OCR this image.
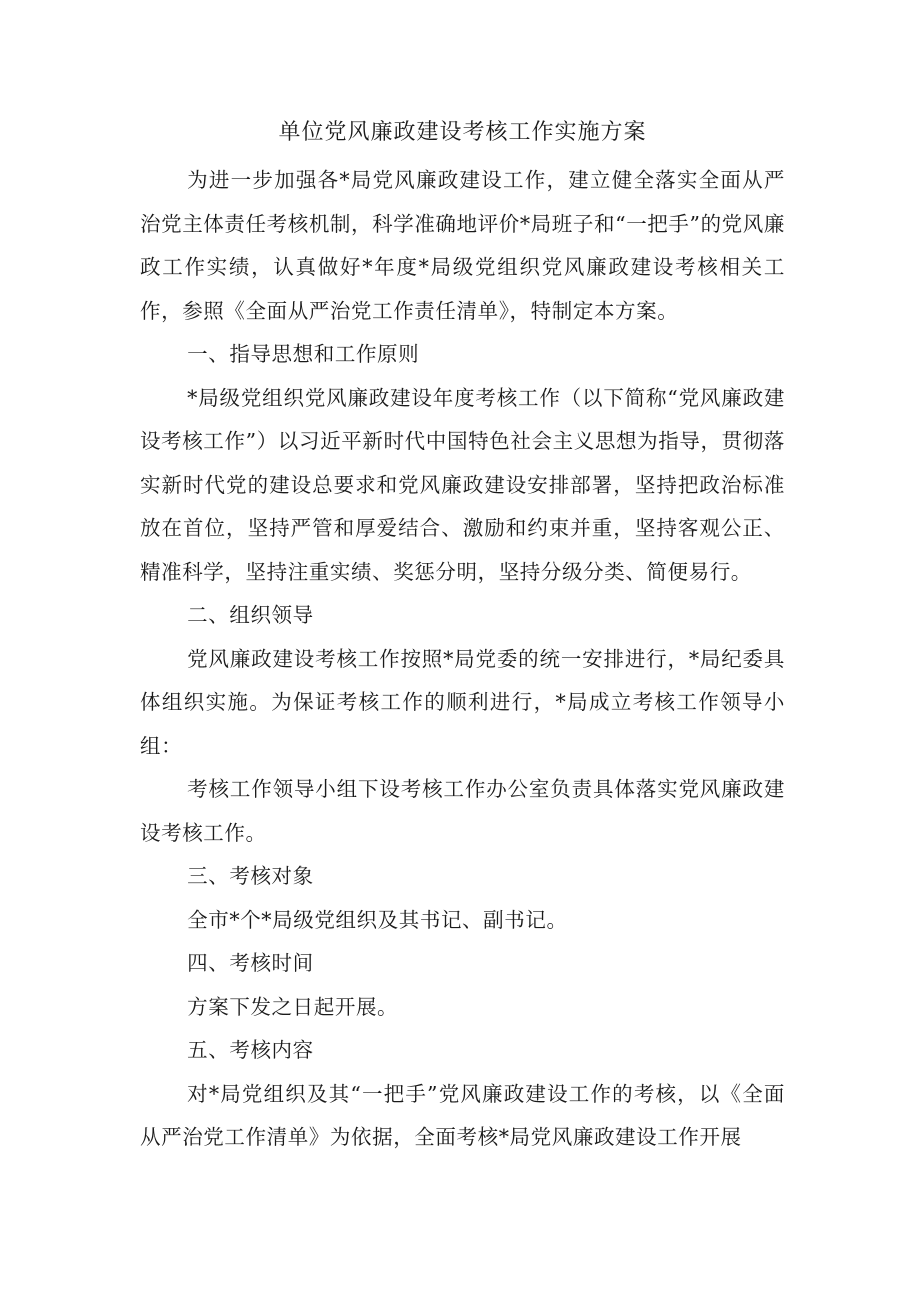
单位党风廉政建设考核工作实施方案

为进一步加强各*局党风廉政建设工作，建立健全落实全面从严治党主体责任考核机制，科学准确地评价*局班子和“一把手”的党风廉政工作实绩，认真做好*年度*局级党组织党风廉政建设考核相关工作，参照《全面从严治党工作责任清单》，特制定本方案。

一、指导思想和工作原则

*局级党组织党风廉政建设年度考核工作（以下简称“党风廉政建设考核工作”）以习近平新时代中国特色社会主义思想为指导，贯彻落实新时代党的建设总要求和党风廉政建设安排部署，坚持把政治标准放在首位，坚持严管和厚爱结合、激励和约束并重，坚持客观公正、精准科学，坚持注重实绩、奖惩分明，坚持分级分类、简便易行。

二、组织领导

党风廉政建设考核工作按照*局党委的统一安排进行，*局纪委具体组织实施。为保证考核工作的顺利进行，*局成立考核工作领导小组：

考核工作领导小组下设考核工作办公室负责具体落实党风廉政建设考核工作。

三、考核对象

全市*个*局级党组织及其书记、副书记。

四、考核时间

方案下发之日起开展。

五、考核内容

对*局党组织及其“一把手”党风廉政建设工作的考核，以《全面从严治党工作清单》为依据，全面考核*局党风廉政建设工作开展
